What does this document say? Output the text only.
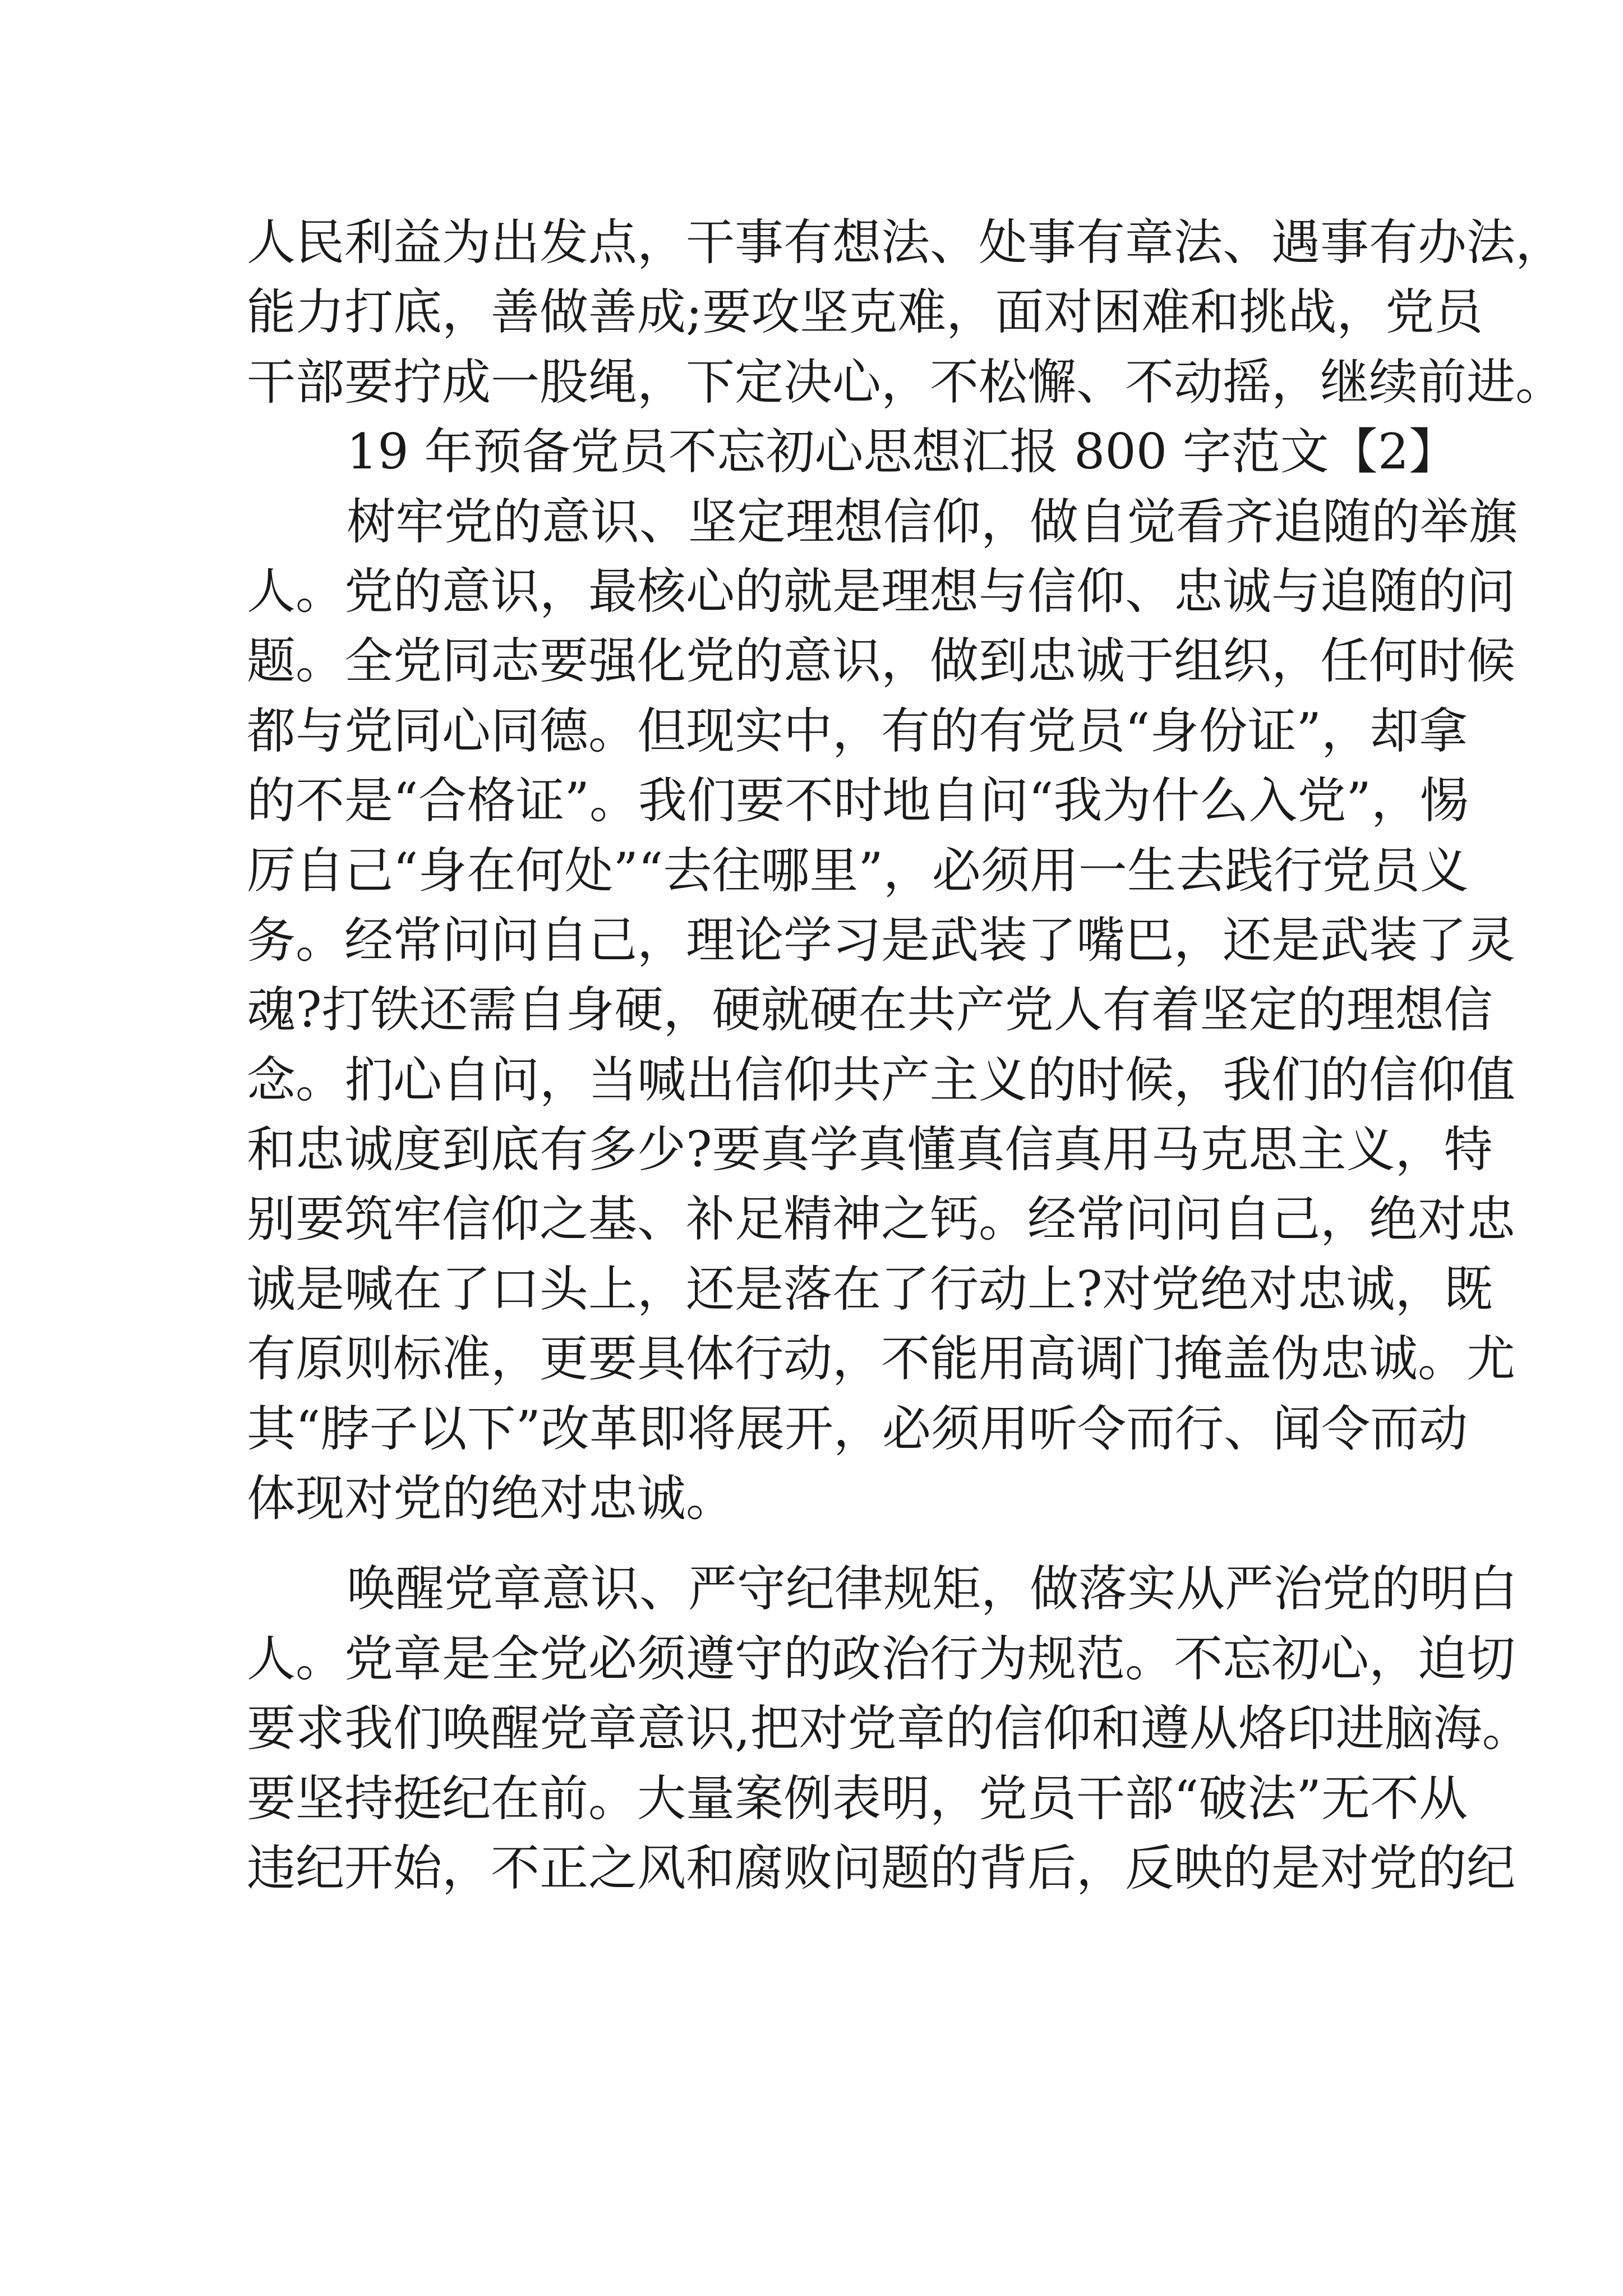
人民利益为出发点，干事有想法、处事有章法、遇事有办法，
能力打底，善做善成;要攻坚克难，面对困难和挑战，党员
干部要拧成一股绳，下定决心，不松懈、不动摇，继续前进。
19 年预备党员不忘初心思想汇报 800 字范文【2】
树牢党的意识、坚定理想信仰，做自觉看齐追随的举旗
人。党的意识，最核心的就是理想与信仰、忠诚与追随的问
题。全党同志要强化党的意识，做到忠诚于组织，任何时候
都与党同心同德。但现实中，有的有党员“身份证”，却拿
的不是“合格证”。我们要不时地自问“我为什么入党”，惕
厉自己“身在何处”“去往哪里”，必须用一生去践行党员义
务。经常问问自己，理论学习是武装了嘴巴，还是武装了灵
魂?打铁还需自身硬，硬就硬在共产党人有着坚定的理想信
念。扪心自问，当喊出信仰共产主义的时候，我们的信仰值
和忠诚度到底有多少?要真学真懂真信真用马克思主义，特
别要筑牢信仰之基、补足精神之钙。经常问问自己，绝对忠
诚是喊在了口头上，还是落在了行动上?对党绝对忠诚，既
有原则标准，更要具体行动，不能用高调门掩盖伪忠诚。尤
其“脖子以下”改革即将展开，必须用听令而行、闻令而动
体现对党的绝对忠诚。
唤醒党章意识、严守纪律规矩，做落实从严治党的明白
人。党章是全党必须遵守的政治行为规范。不忘初心，迫切
要求我们唤醒党章意识,把对党章的信仰和遵从烙印进脑海。
要坚持挺纪在前。大量案例表明，党员干部“破法”无不从
违纪开始，不正之风和腐败问题的背后，反映的是对党的纪
